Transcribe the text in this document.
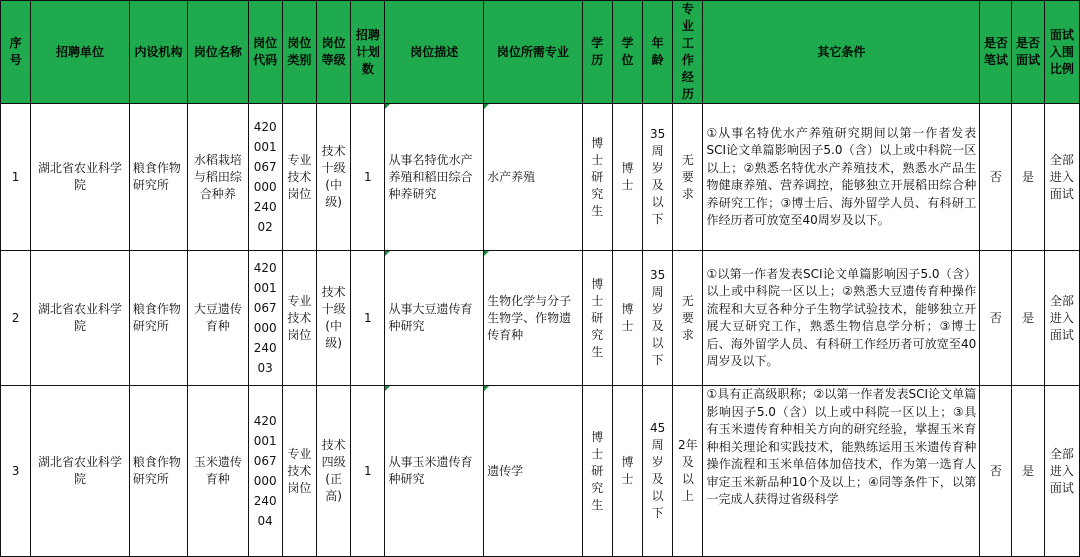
序号	招聘单位	内设机构	岗位名称	岗位代码	岗位类别	岗位等级	招聘计划数	岗位描述	岗位所需专业	学历	学位	年龄	专业工作经历	其它条件	是否笔试	是否面试	面试入围比例
1	湖北省农业科学院	粮食作物研究所	水稻栽培与稻田综合种养	42000106700024002	专业技术岗位	技术十级(中级)	1	从事名特优水产养殖和稻田综合种养研究	水产养殖	博士研究生	博士	35周岁及以下	无要求	①从事名特优水产养殖研究期间以第一作者发表SCI论文单篇影响因子5.0（含）以上或中科院一区以上；②熟悉名特优水产养殖技术，熟悉水产品生物健康养殖、营养调控，能够独立开展稻田综合种养研究工作；③博士后、海外留学人员、有科研工作经历者可放宽至40周岁及以下。	否	是	全部进入面试
2	湖北省农业科学院	粮食作物研究所	大豆遗传育种	42000106700024003	专业技术岗位	技术十级(中级)	1	从事大豆遗传育种研究	生物化学与分子生物学、作物遗传育种	博士研究生	博士	35周岁及以下	无要求	①以第一作者发表SCI论文单篇影响因子5.0（含）以上或中科院一区以上；②熟悉大豆遗传育种操作流程和大豆各种分子生物学试验技术，能够独立开展大豆研究工作，熟悉生物信息学分析；③博士后、海外留学人员、有科研工作经历者可放宽至40周岁及以下。	否	是	全部进入面试
3	湖北省农业科学院	粮食作物研究所	玉米遗传育种	42000106700024004	专业技术岗位	技术四级(正高)	1	从事玉米遗传育种研究	遗传学	博士研究生	博士	45周岁及以下	2年及以上	①具有正高级职称；②以第一作者发表SCI论文单篇影响因子5.0（含）以上或中科院一区以上；③具有玉米遗传育种相关方向的研究经验，掌握玉米育种相关理论和实践技术，能熟练运用玉米遗传育种操作流程和玉米单倍体加倍技术，作为第一选育人审定玉米新品种10个及以上；④同等条件下，以第一完成人获得过省级科学	否	是	全部进入面试
